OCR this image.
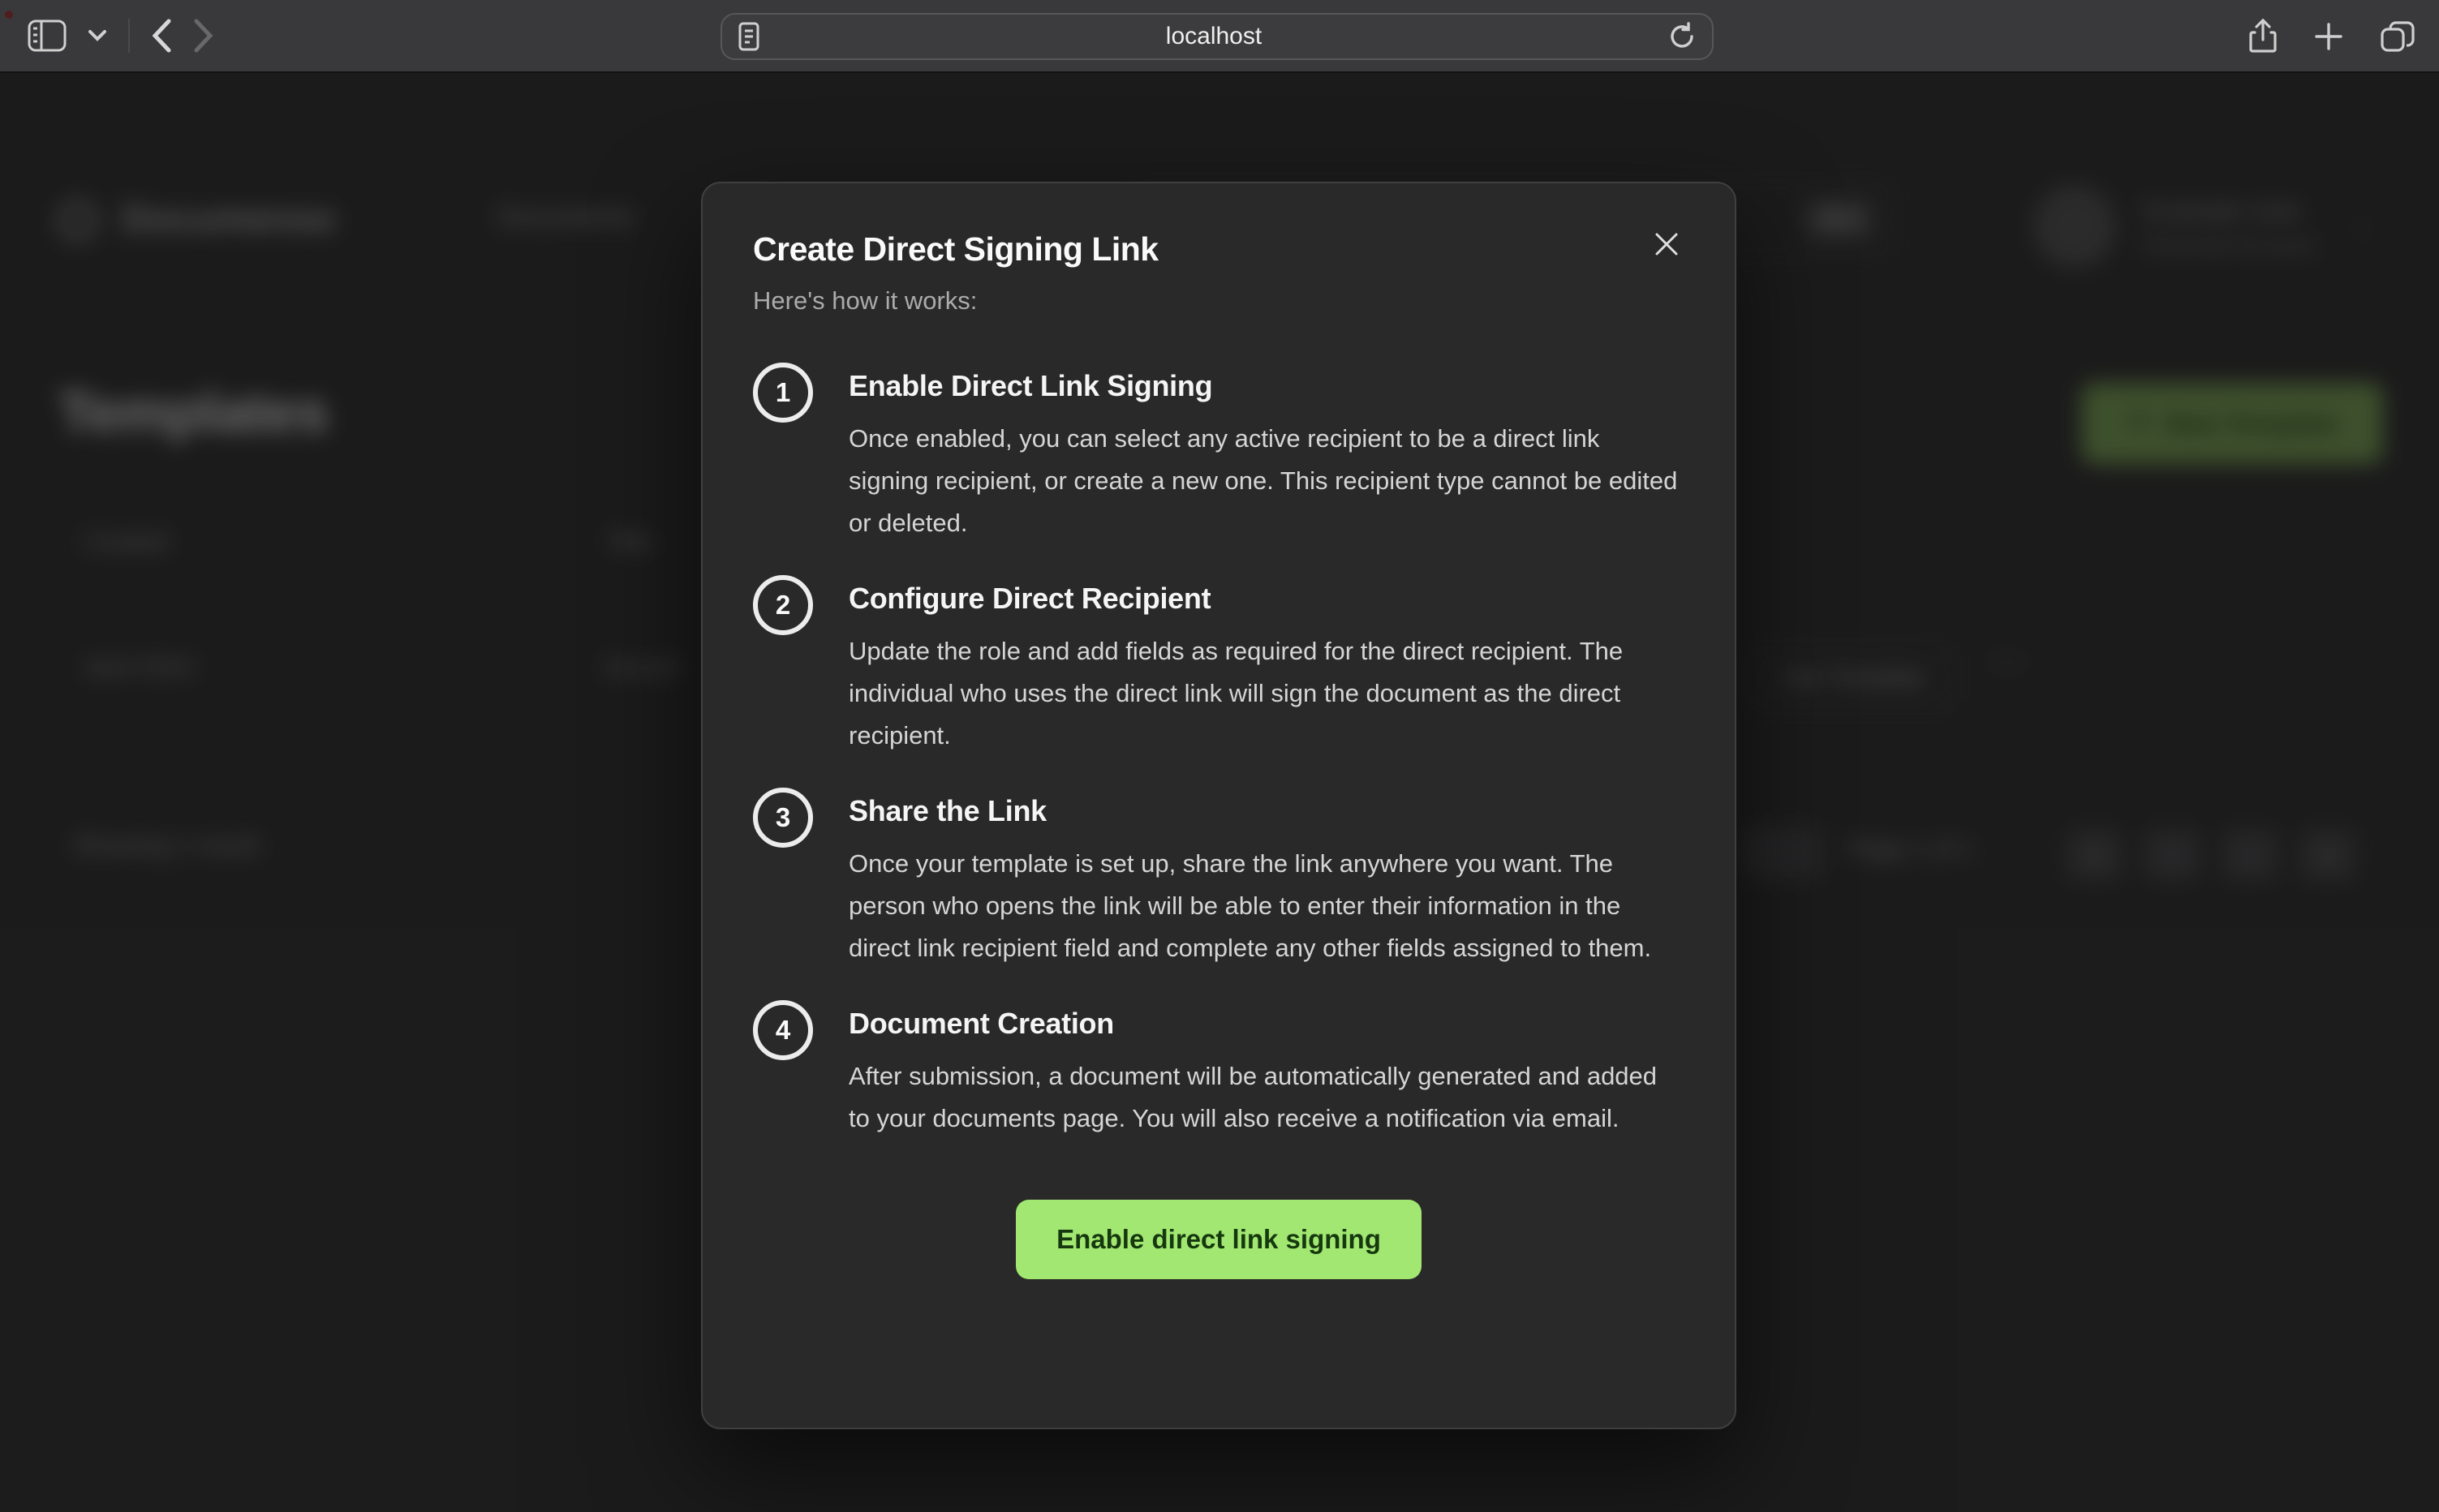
localhost
Documenso	Documents	⌘K	Example User
Personal Account
⌄
Templates	New Template
Created	Title
April 2024	Accord	Use Template	⋯
Showing 1 result	Page 1 of 1	«	‹	›	»
Create Direct Signing Link
Here's how it works:
1	Enable Direct Link Signing
Once enabled, you can select any active recipient to be a direct link signing recipient, or create a new one. This recipient type cannot be edited or deleted.
2	Configure Direct Recipient
Update the role and add fields as required for the direct recipient. The individual who uses the direct link will sign the document as the direct recipient.
3	Share the Link
Once your template is set up, share the link anywhere you want. The person who opens the link will be able to enter their information in the direct link recipient field and complete any other fields assigned to them.
4	Document Creation
After submission, a document will be automatically generated and added to your documents page. You will also receive a notification via email.
Enable direct link signing
